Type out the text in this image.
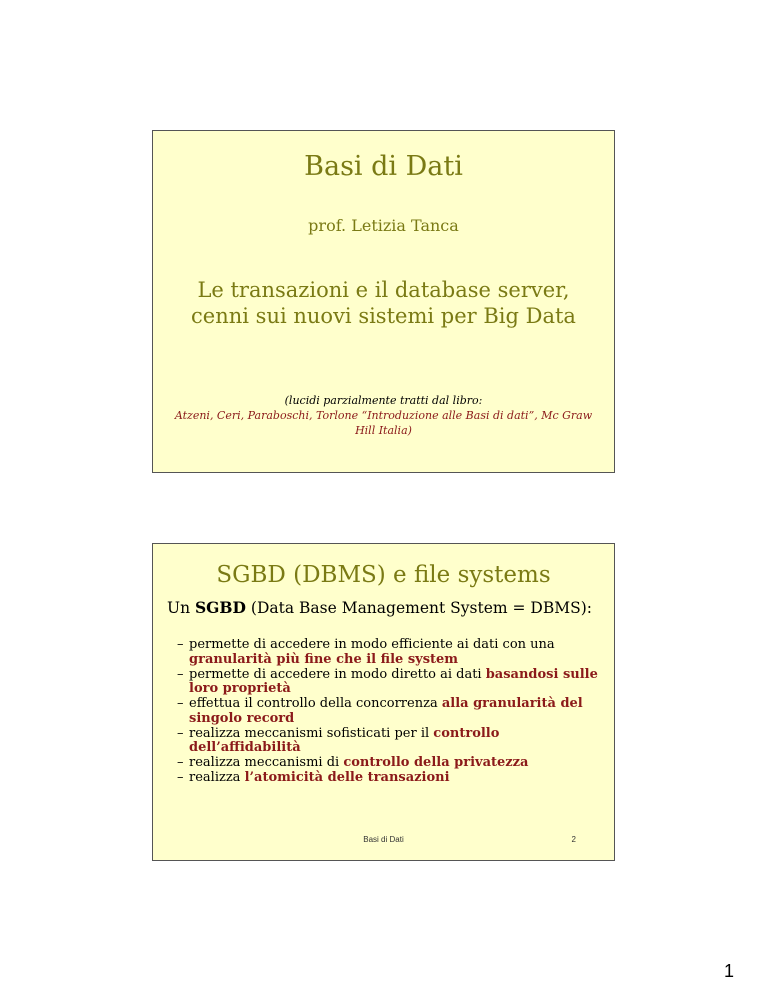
Basi di Dati
prof. Letizia Tanca
Le transazioni e il database server, cenni sui nuovi sistemi per Big Data
(lucidi parzialmente tratti dal libro:
Atzeni, Ceri, Paraboschi, Torlone “Introduzione alle Basi di dati”, Mc Graw Hill Italia)
SGBD (DBMS) e file systems
Un SGBD (Data Base Management System = DBMS):
– permette di accedere in modo efficiente ai dati con una granularità più fine che il file system
– permette di accedere in modo diretto ai dati basandosi sulle loro proprietà
– effettua il controllo della concorrenza alla granularità del singolo record
– realizza meccanismi sofisticati per il controllo dell’affidabilità
– realizza meccanismi di controllo della privatezza
– realizza l’atomicità delle transazioni
Basi di Dati	2
1
